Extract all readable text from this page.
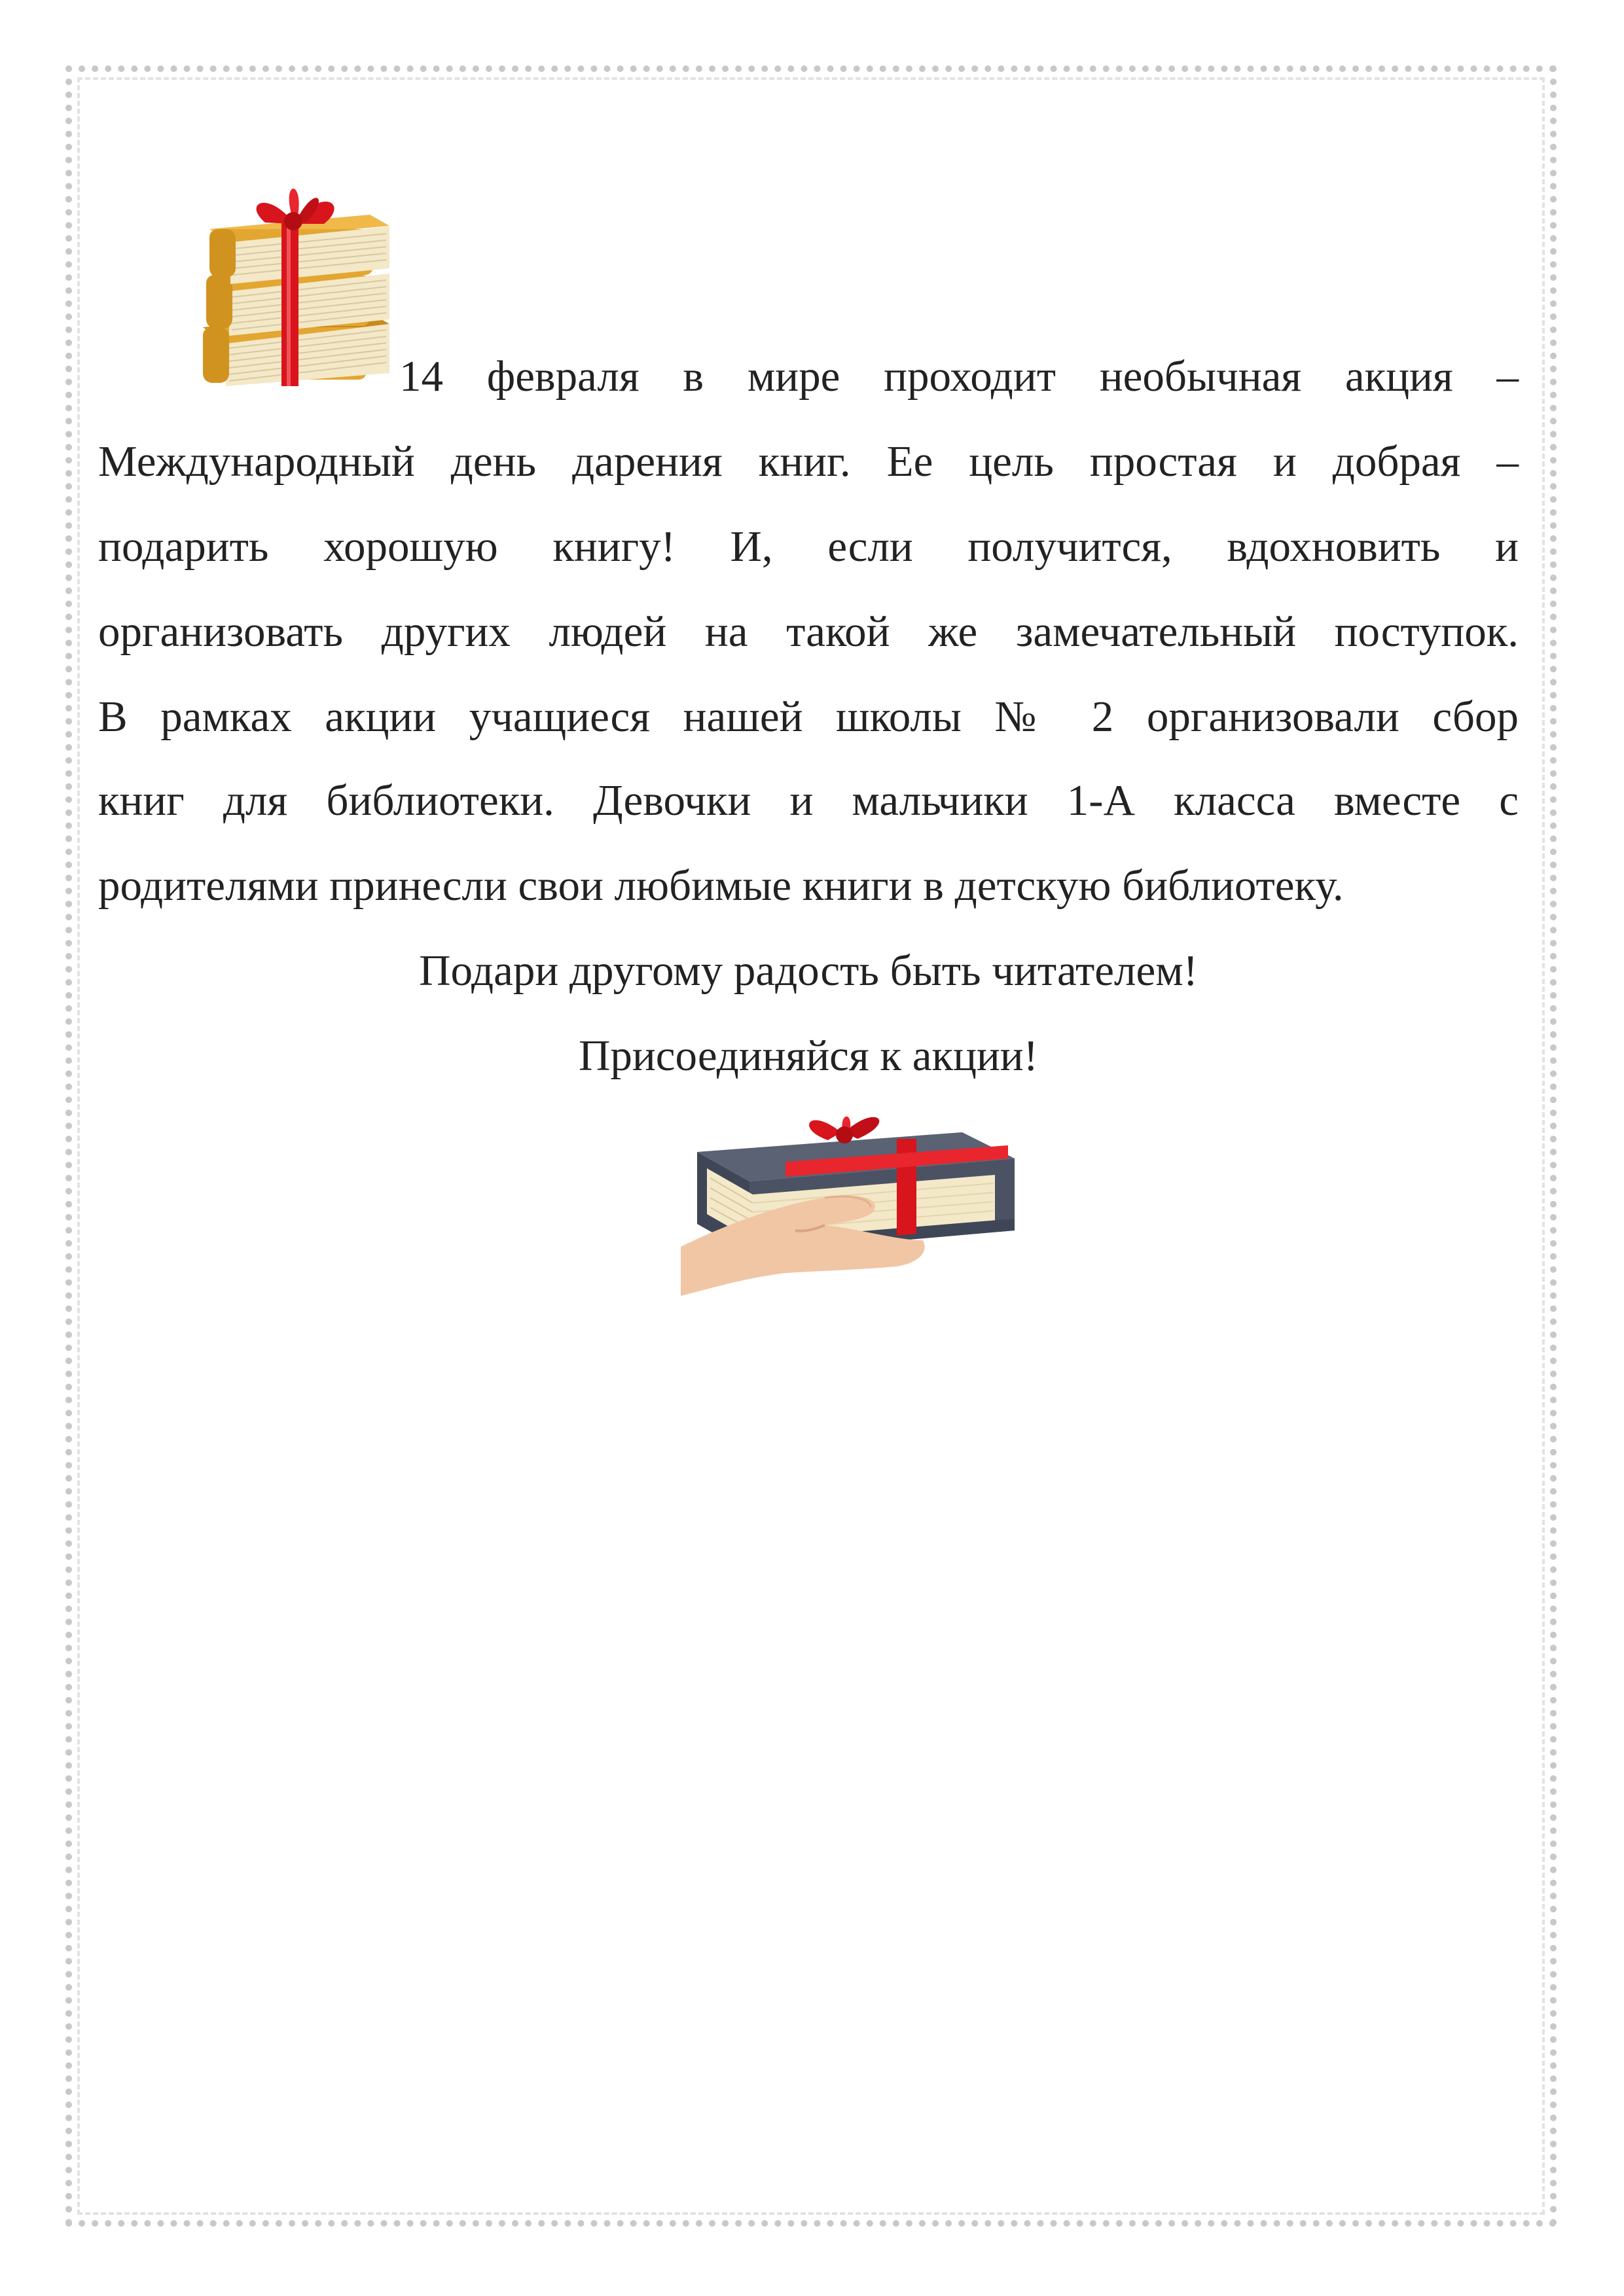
14 февраля в мире проходит необычная акция –
Международный день дарения книг. Ее цель простая и добрая –
подарить хорошую книгу! И, если получится, вдохновить и
организовать других людей на такой же замечательный поступок.
В рамках акции учащиеся нашей школы № 2 организовали сбор
книг для библиотеки. Девочки и мальчики 1-А класса вместе с
родителями принесли свои любимые книги в детскую библиотеку.
Подари другому радость быть читателем!
Присоединяйся к акции!
